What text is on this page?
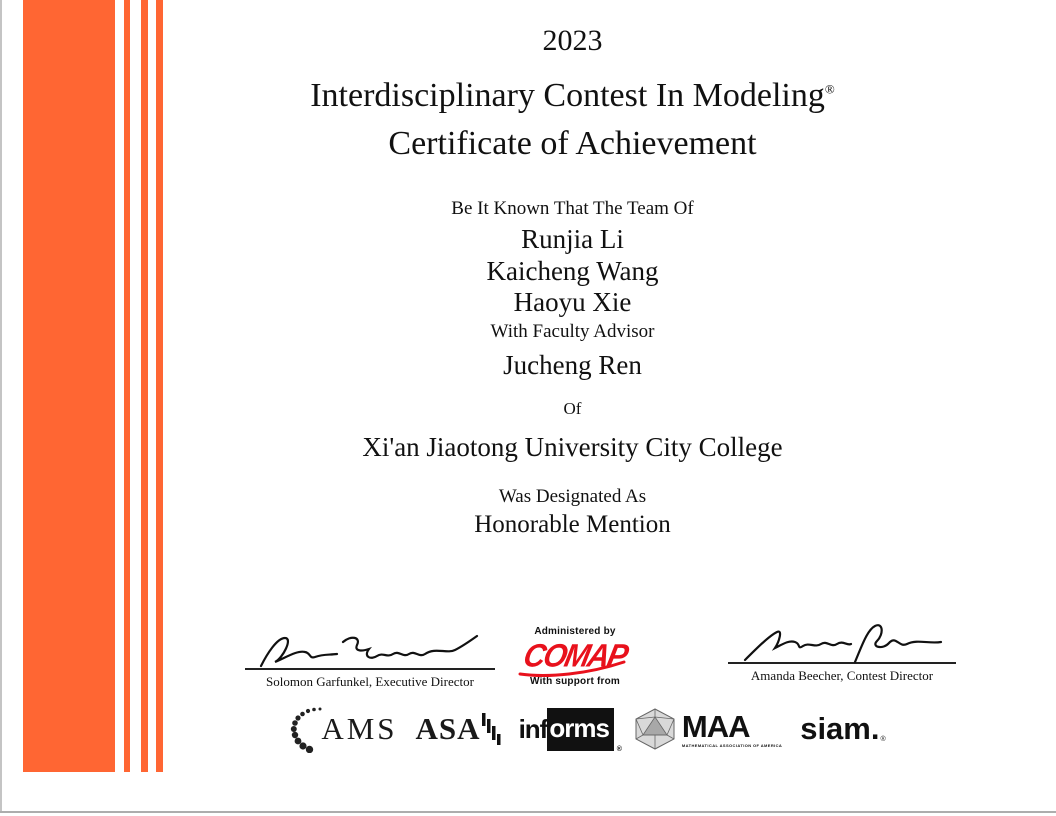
2023
Interdisciplinary Contest In Modeling®
Certificate of Achievement
Be It Known That The Team Of
Runjia Li
Kaicheng Wang
Haoyu Xie
With Faculty Advisor
Jucheng Ren
Of
Xi'an Jiaotong University City College
Was Designated As
Honorable Mention
Solomon Garfunkel, Executive Director
Administered by
COMAP
With support from	Amanda Beecher, Contest Director
AMS ASA inf orms
®
MAA
MATHEMATICAL ASSOCIATION OF AMERICA siam. ®
